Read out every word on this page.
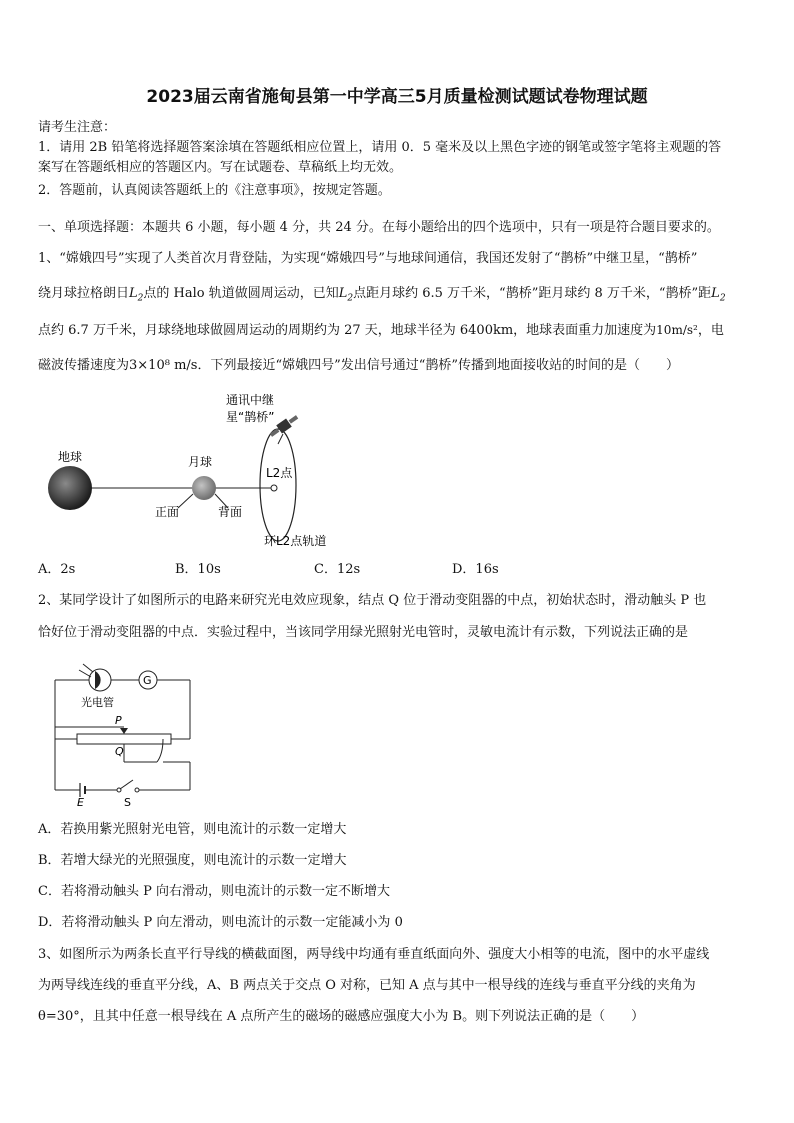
2023届云南省施甸县第一中学高三5月质量检测试题试卷物理试题
请考生注意：
1．请用 2B 铅笔将选择题答案涂填在答题纸相应位置上，请用 0．5 毫米及以上黑色字迹的钢笔或签字笔将主观题的答
案写在答题纸相应的答题区内。写在试题卷、草稿纸上均无效。
2．答题前，认真阅读答题纸上的《注意事项》，按规定答题。
一、单项选择题：本题共 6 小题，每小题 4 分，共 24 分。在每小题给出的四个选项中，只有一项是符合题目要求的。
1、“嫦娥四号”实现了人类首次月背登陆，为实现“嫦娥四号”与地球间通信，我国还发射了“鹊桥”中继卫星，“鹊桥”
绕月球拉格朗日$L_2$点的 Halo 轨道做圆周运动，已知$L_2$点距月球约 6.5 万千米，“鹊桥”距月球约 8 万千米，“鹊桥”距$L_2$
点约 6.7 万千米，月球绕地球做圆周运动的周期约为 27 天，地球半径为 6400km，地球表面重力加速度为10m/s²，电
磁波传播速度为3×10⁸ m/s．下列最接近“嫦娥四号”发出信号通过“鹊桥”传播到地面接收站的时间的是（　　）
通讯中继
星“鹊桥”
地球	月球
L2点
正面	背面
环L2点轨道
A．2s	B．10s	C．12s	D．16s
2、某同学设计了如图所示的电路来研究光电效应现象，结点 Q 位于滑动变阻器的中点，初始状态时，滑动触头 P 也
恰好位于滑动变阻器的中点．实验过程中，当该同学用绿光照射光电管时，灵敏电流计有示数，下列说法正确的是
G
光电管
P
Q
E	S
A．若换用紫光照射光电管，则电流计的示数一定增大
B．若增大绿光的光照强度，则电流计的示数一定增大
C．若将滑动触头 P 向右滑动，则电流计的示数一定不断增大
D．若将滑动触头 P 向左滑动，则电流计的示数一定能减小为 0
3、如图所示为两条长直平行导线的横截面图，两导线中均通有垂直纸面向外、强度大小相等的电流，图中的水平虚线
为两导线连线的垂直平分线，A、B 两点关于交点 O 对称，已知 A 点与其中一根导线的连线与垂直平分线的夹角为
θ=30°，且其中任意一根导线在 A 点所产生的磁场的磁感应强度大小为 B。则下列说法正确的是（　　）
